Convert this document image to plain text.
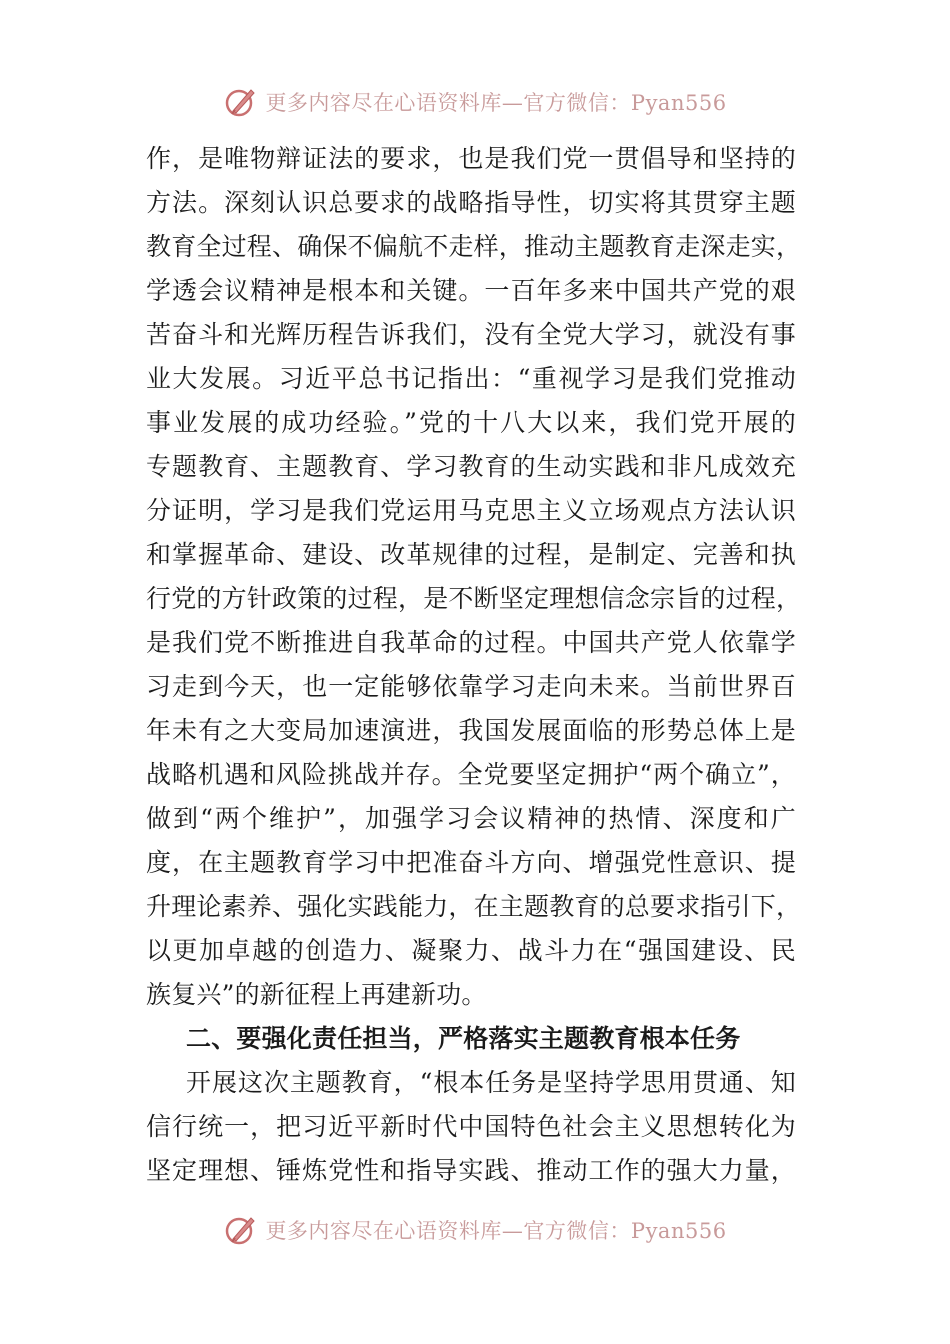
更多内容尽在心语资料库—官方微信：Pyan556
作，是唯物辩证法的要求，也是我们党一贯倡导和坚持的
方法。深刻认识总要求的战略指导性，切实将其贯穿主题
教育全过程、确保不偏航不走样，推动主题教育走深走实，
学透会议精神是根本和关键。一百年多来中国共产党的艰
苦奋斗和光辉历程告诉我们，没有全党大学习，就没有事
业大发展。习近平总书记指出：“重视学习是我们党推动
事业发展的成功经验。”党的十八大以来，我们党开展的
专题教育、主题教育、学习教育的生动实践和非凡成效充
分证明，学习是我们党运用马克思主义立场观点方法认识
和掌握革命、建设、改革规律的过程，是制定、完善和执
行党的方针政策的过程，是不断坚定理想信念宗旨的过程，
是我们党不断推进自我革命的过程。中国共产党人依靠学
习走到今天，也一定能够依靠学习走向未来。当前世界百
年未有之大变局加速演进，我国发展面临的形势总体上是
战略机遇和风险挑战并存。全党要坚定拥护“两个确立”，
做到“两个维护”，加强学习会议精神的热情、深度和广
度，在主题教育学习中把准奋斗方向、增强党性意识、提
升理论素养、强化实践能力，在主题教育的总要求指引下，
以更加卓越的创造力、凝聚力、战斗力在“强国建设、民
族复兴”的新征程上再建新功。
二、要强化责任担当，严格落实主题教育根本任务
开展这次主题教育，“根本任务是坚持学思用贯通、知
信行统一，把习近平新时代中国特色社会主义思想转化为
坚定理想、锤炼党性和指导实践、推动工作的强大力量，
更多内容尽在心语资料库—官方微信：Pyan556
